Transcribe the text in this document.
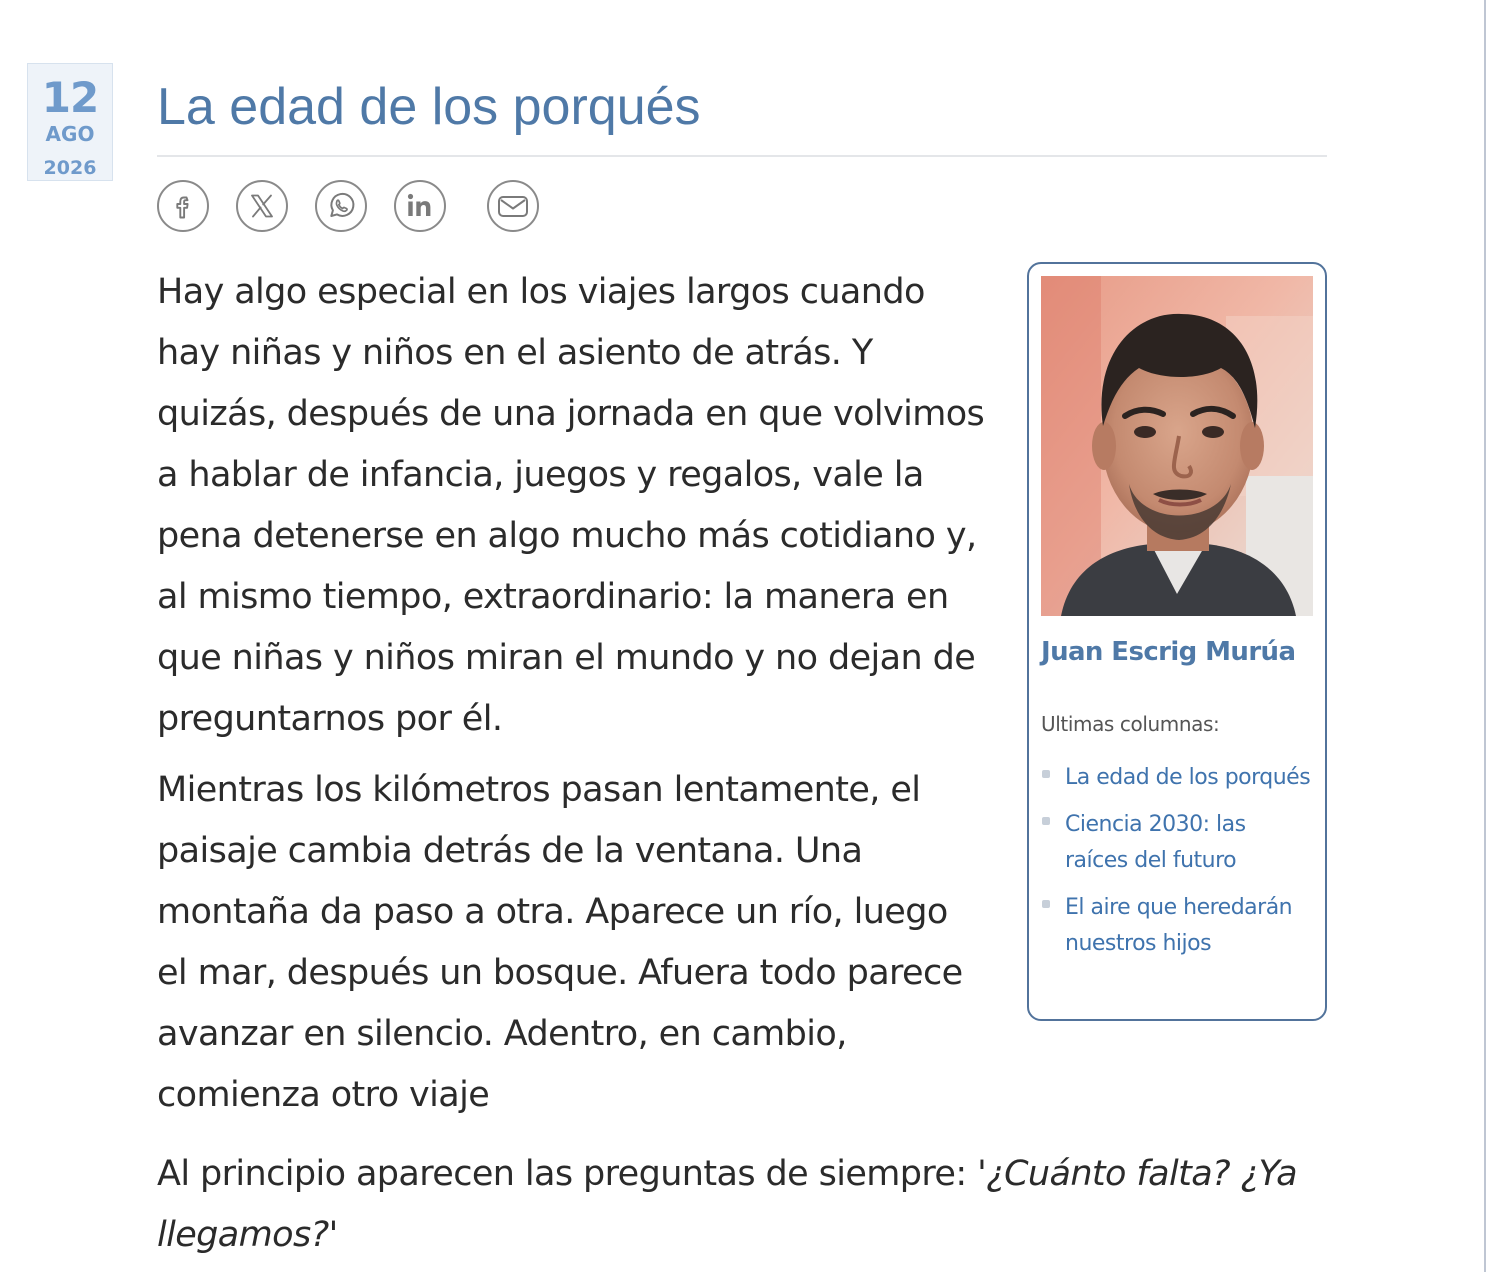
12
AGO
2026
La edad de los porqués

Hay algo especial en los viajes largos cuando hay niñas y niños en el asiento de atrás. Y quizás, después de una jornada en que volvimos a hablar de infancia, juegos y regalos, vale la pena detenerse en algo mucho más cotidiano y, al mismo tiempo, extraordinario: la manera en que niñas y niños miran el mundo y no dejan de preguntarnos por él.

Mientras los kilómetros pasan lentamente, el paisaje cambia detrás de la ventana. Una montaña da paso a otra. Aparece un río, luego el mar, después un bosque. Afuera todo parece avanzar en silencio. Adentro, en cambio, comienza otro viaje

Al principio aparecen las preguntas de siempre: '¿Cuánto falta? ¿Ya llegamos?'

Juan Escrig Murúa
Ultimas columnas:
La edad de los porqués
Ciencia 2030: las raíces del futuro
El aire que heredarán nuestros hijos
